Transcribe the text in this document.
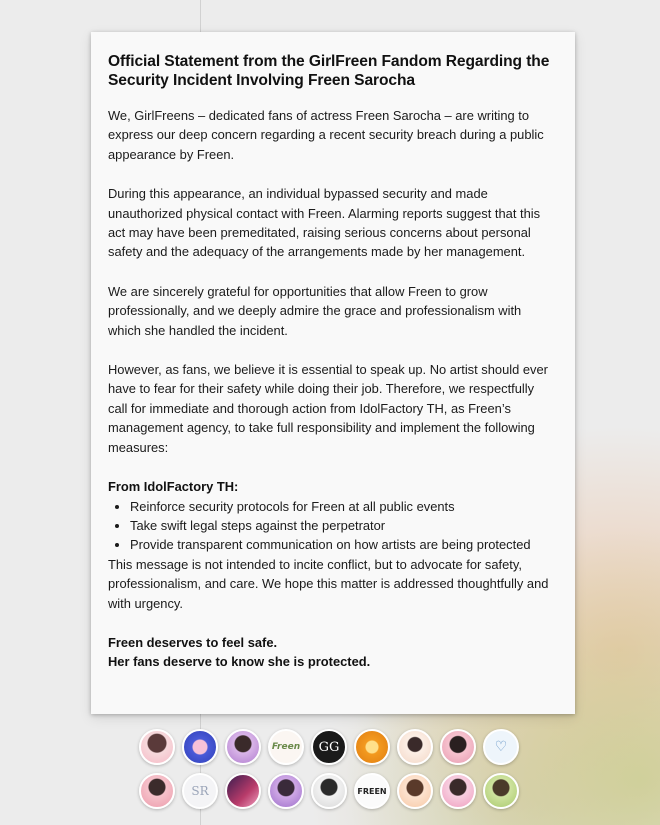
Official Statement from the GirlFreen Fandom Regarding the Security Incident Involving Freen Sarocha

We, GirlFreens – dedicated fans of actress Freen Sarocha – are writing to express our deep concern regarding a recent security breach during a public appearance by Freen.

During this appearance, an individual bypassed security and made unauthorized physical contact with Freen. Alarming reports suggest that this act may have been premeditated, raising serious concerns about personal safety and the adequacy of the arrangements made by her management.

We are sincerely grateful for opportunities that allow Freen to grow professionally, and we deeply admire the grace and professionalism with which she handled the incident.

However, as fans, we believe it is essential to speak up. No artist should ever have to fear for their safety while doing their job. Therefore, we respectfully call for immediate and thorough action from IdolFactory TH, as Freen’s management agency, to take full responsibility and implement the following measures:

From IdolFactory TH:

• Reinforce security protocols for Freen at all public events
• Take swift legal steps against the perpetrator
• Provide transparent communication on how artists are being protected

This message is not intended to incite conflict, but to advocate for safety, professionalism, and care. We hope this matter is addressed thoughtfully and with urgency.

Freen deserves to feel safe.

Her fans deserve to know she is protected.

Freen	GG	♡
SR	FREEN
